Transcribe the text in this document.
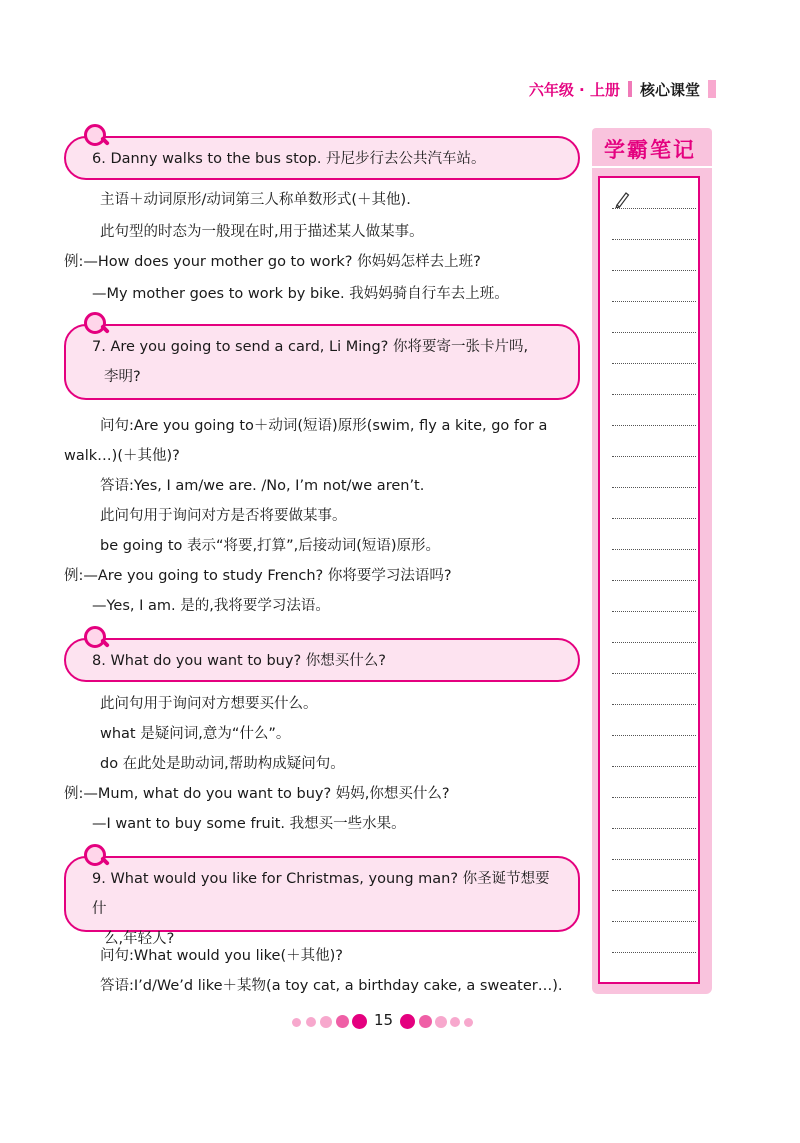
六年级 · 上册 核心课堂
6. Danny walks to the bus stop. 丹尼步行去公共汽车站。
主语＋动词原形/动词第三人称单数形式(＋其他).
此句型的时态为一般现在时,用于描述某人做某事。
例:—How does your mother go to work? 你妈妈怎样去上班?
—My mother goes to work by bike. 我妈妈骑自行车去上班。
7. Are you going to send a card, Li Ming? 你将要寄一张卡片吗,
李明?
问句:Are you going to＋动词(短语)原形(swim, fly a kite, go for a
walk…)(＋其他)?
答语:Yes, I am/we are. /No, I’m not/we aren’t.
此问句用于询问对方是否将要做某事。
be going to 表示“将要,打算”,后接动词(短语)原形。
例:—Are you going to study French? 你将要学习法语吗?
—Yes, I am. 是的,我将要学习法语。
8. What do you want to buy? 你想买什么?
此问句用于询问对方想要买什么。
what 是疑问词,意为“什么”。
do 在此处是助动词,帮助构成疑问句。
例:—Mum, what do you want to buy? 妈妈,你想买什么?
—I want to buy some fruit. 我想买一些水果。
9. What would you like for Christmas, young man? 你圣诞节想要什
么,年轻人?
问句:What would you like(＋其他)?
答语:I’d/We’d like＋某物(a toy cat, a birthday cake, a sweater…).
学霸笔记
15
